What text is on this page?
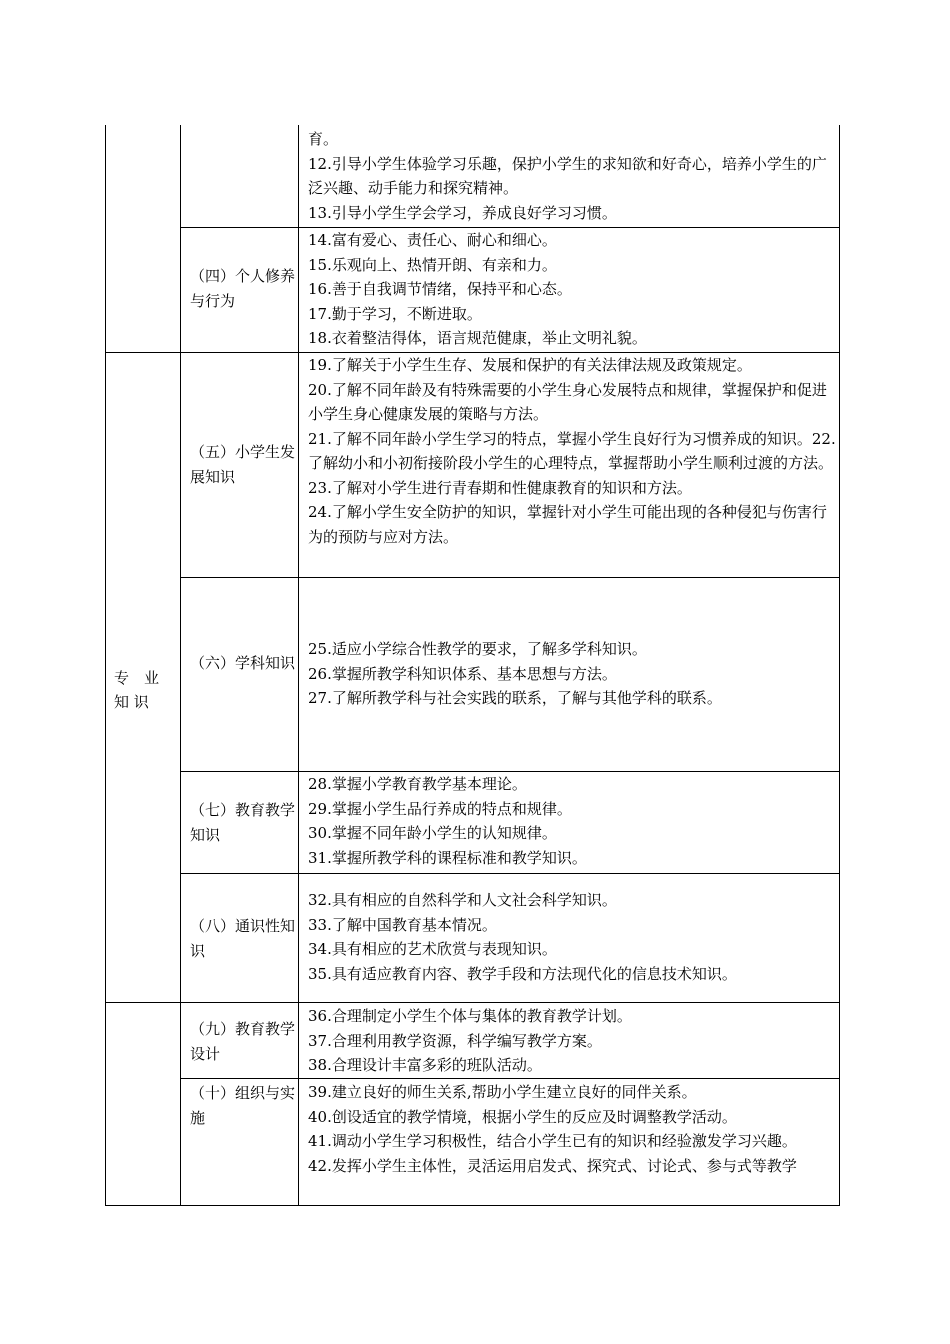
专　业
知 识
（四）个人修养与行为
（五）小学生发展知识
（六）学科知识
（七）教育教学知识
（八）通识性知识
（九）教育教学设计
（十）组织与实施

育。

12.引导小学生体验学习乐趣，保护小学生的求知欲和好奇心，培养小学生的广泛兴趣、动手能力和探究精神。

13.引导小学生学会学习，养成良好学习习惯。

14.富有爱心、责任心、耐心和细心。

15.乐观向上、热情开朗、有亲和力。

16.善于自我调节情绪，保持平和心态。

17.勤于学习，不断进取。

18.衣着整洁得体，语言规范健康，举止文明礼貌。

19.了解关于小学生生存、发展和保护的有关法律法规及政策规定。

20.了解不同年龄及有特殊需要的小学生身心发展特点和规律，掌握保护和促进小学生身心健康发展的策略与方法。

21.了解不同年龄小学生学习的特点，掌握小学生良好行为习惯养成的知识。22.了解幼小和小初衔接阶段小学生的心理特点，掌握帮助小学生顺利过渡的方法。

23.了解对小学生进行青春期和性健康教育的知识和方法。

24.了解小学生安全防护的知识，掌握针对小学生可能出现的各种侵犯与伤害行为的预防与应对方法。

25.适应小学综合性教学的要求，了解多学科知识。

26.掌握所教学科知识体系、基本思想与方法。

27.了解所教学科与社会实践的联系，了解与其他学科的联系。

28.掌握小学教育教学基本理论。

29.掌握小学生品行养成的特点和规律。

30.掌握不同年龄小学生的认知规律。

31.掌握所教学科的课程标准和教学知识。

32.具有相应的自然科学和人文社会科学知识。

33.了解中国教育基本情况。

34.具有相应的艺术欣赏与表现知识。

35.具有适应教育内容、教学手段和方法现代化的信息技术知识。

36.合理制定小学生个体与集体的教育教学计划。

37.合理利用教学资源，科学编写教学方案。

38.合理设计丰富多彩的班队活动。

39.建立良好的师生关系,帮助小学生建立良好的同伴关系。

40.创设适宜的教学情境，根据小学生的反应及时调整教学活动。

41.调动小学生学习积极性，结合小学生已有的知识和经验激发学习兴趣。

42.发挥小学生主体性，灵活运用启发式、探究式、讨论式、参与式等教学
